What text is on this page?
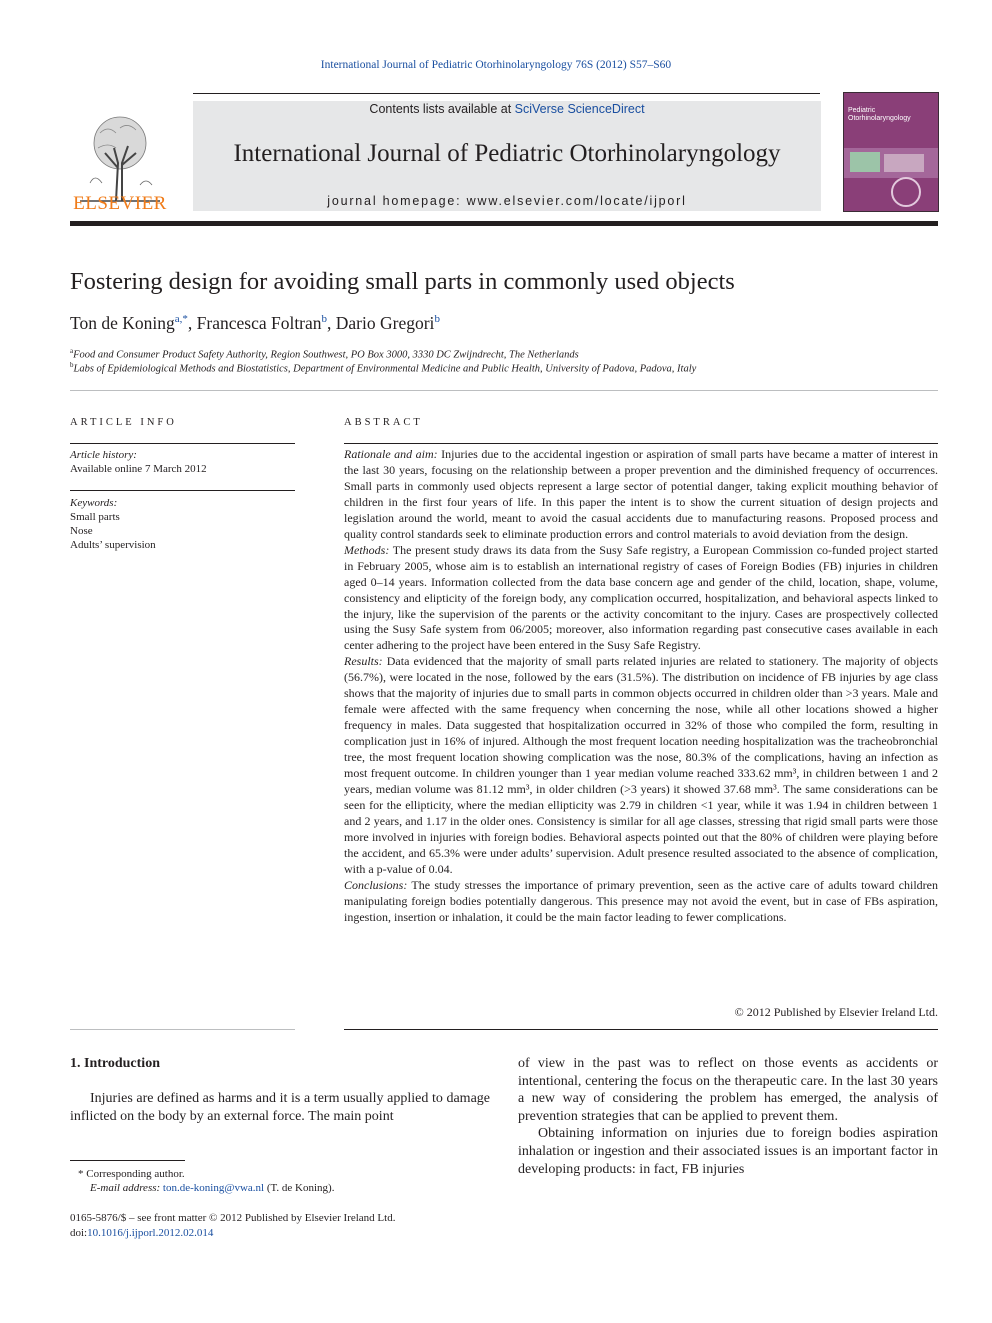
International Journal of Pediatric Otorhinolaryngology 76S (2012) S57–S60
ELSEVIER
Contents lists available at SciVerse ScienceDirect
International Journal of Pediatric Otorhinolaryngology
journal homepage: www.elsevier.com/locate/ijporl
Pediatric Otorhinolaryngology
Fostering design for avoiding small parts in commonly used objects
Ton de Koning$^{a,*}$, Francesca Foltran$^b$, Dario Gregori$^b$
$^a$Food and Consumer Product Safety Authority, Region Southwest, PO Box 3000, 3330 DC Zwijndrecht, The Netherlands
$^b$Labs of Epidemiological Methods and Biostatistics, Department of Environmental Medicine and Public Health, University of Padova, Padova, Italy
ARTICLE INFO
Article history:
Available online 7 March 2012
Keywords:
Small parts
Nose
Adults’ supervision
ABSTRACT

Rationale and aim: Injuries due to the accidental ingestion or aspiration of small parts have became a matter of interest in the last 30 years, focusing on the relationship between a proper prevention and the diminished frequency of occurrences. Small parts in commonly used objects represent a large sector of potential danger, taking explicit mouthing behavior of children in the first four years of life. In this paper the intent is to show the current situation of design projects and legislation around the world, meant to avoid the casual accidents due to manufacturing reasons. Proposed process and quality control standards seek to eliminate production errors and control materials to avoid deviation from the design.

Methods: The present study draws its data from the Susy Safe registry, a European Commission co-funded project started in February 2005, whose aim is to establish an international registry of cases of Foreign Bodies (FB) injuries in children aged 0–14 years. Information collected from the data base concern age and gender of the child, location, shape, volume, consistency and elipticity of the foreign body, any complication occurred, hospitalization, and behavioral aspects linked to the injury, like the supervision of the parents or the activity concomitant to the injury. Cases are prospectively collected using the Susy Safe system from 06/2005; moreover, also information regarding past consecutive cases available in each center adhering to the project have been entered in the Susy Safe Registry.

Results: Data evidenced that the majority of small parts related injuries are related to stationery. The majority of objects (56.7%), were located in the nose, followed by the ears (31.5%). The distribution on incidence of FB injuries by age class shows that the majority of injuries due to small parts in common objects occurred in children older than >3 years. Male and female were affected with the same frequency when concerning the nose, while all other locations showed a higher frequency in males. Data suggested that hospitalization occurred in 32% of those who compiled the form, resulting in complication just in 16% of injured. Although the most frequent location needing hospitalization was the tracheobronchial tree, the most frequent location showing complication was the nose, 80.3% of the complications, having an infection as most frequent outcome. In children younger than 1 year median volume reached 333.62 mm³, in children between 1 and 2 years, median volume was 81.12 mm³, in older children (>3 years) it showed 37.68 mm³. The same considerations can be seen for the ellipticity, where the median ellipticity was 2.79 in children <1 year, while it was 1.94 in children between 1 and 2 years, and 1.17 in the older ones. Consistency is similar for all age classes, stressing that rigid small parts were those more involved in injuries with foreign bodies. Behavioral aspects pointed out that the 80% of children were playing before the accident, and 65.3% were under adults’ supervision. Adult presence resulted associated to the absence of complication, with a p-value of 0.04.

Conclusions: The study stresses the importance of primary prevention, seen as the active care of adults toward children manipulating foreign bodies potentially dangerous. This presence may not avoid the event, but in case of FBs aspiration, ingestion, insertion or inhalation, it could be the main factor leading to fewer complications.

© 2012 Published by Elsevier Ireland Ltd.
1. Introduction

Injuries are defined as harms and it is a term usually applied to damage inflicted on the body by an external force. The main point

of view in the past was to reflect on those events as accidents or intentional, centering the focus on the therapeutic care. In the last 30 years a new way of considering the problem has emerged, the analysis of prevention strategies that can be applied to prevent them.

Obtaining information on injuries due to foreign bodies aspiration inhalation or ingestion and their associated issues is an important factor in developing products: in fact, FB injuries

* Corresponding author.
E-mail address: ton.de-koning@vwa.nl (T. de Koning).
0165-5876/$ – see front matter © 2012 Published by Elsevier Ireland Ltd.
doi:10.1016/j.ijporl.2012.02.014
